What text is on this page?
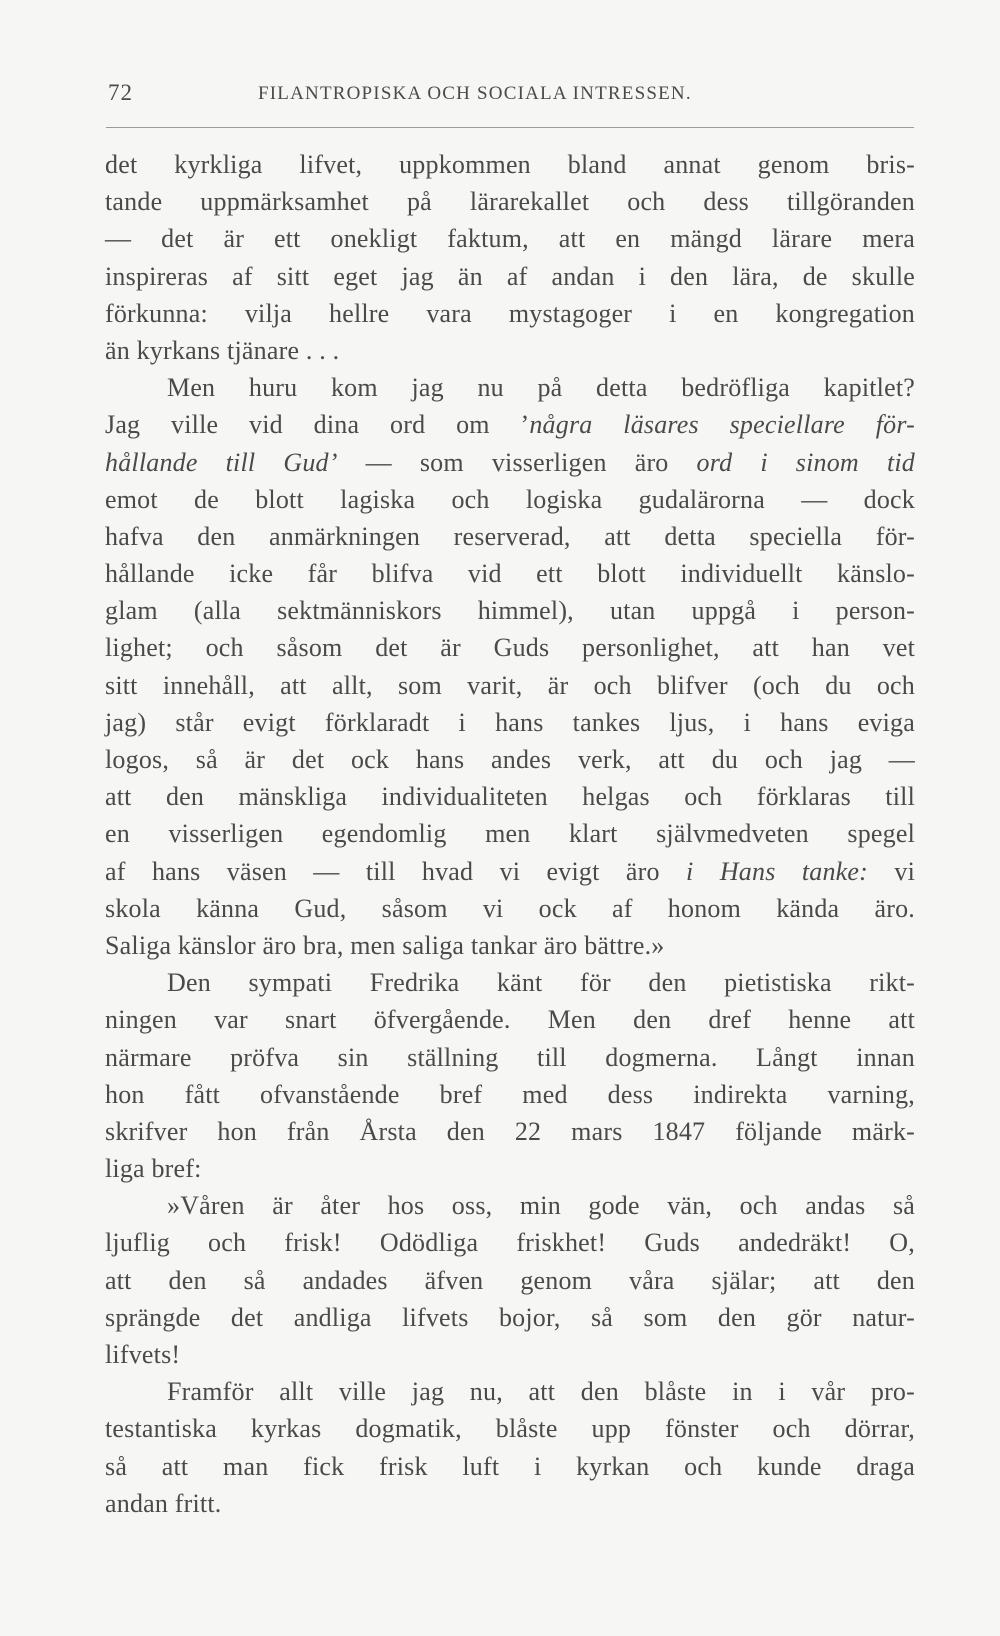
72	FILANTROPISKA OCH SOCIALA INTRESSEN.
det kyrkliga lifvet, uppkommen bland annat genom bris-
tande uppmärksamhet på lärarekallet och dess tillgöranden
— det är ett onekligt faktum, att en mängd lärare mera
inspireras af sitt eget jag än af andan i den lära, de skulle
förkunna: vilja hellre vara mystagoger i en kongregation
än kyrkans tjänare . . .
Men huru kom jag nu på detta bedröfliga kapitlet?
Jag ville vid dina ord om ’några läsares speciellare för-
hållande till Gud’ — som visserligen äro ord i sinom tid
emot de blott lagiska och logiska gudalärorna — dock
hafva den anmärkningen reserverad, att detta speciella för-
hållande icke får blifva vid ett blott individuellt känslo-
glam (alla sektmänniskors himmel), utan uppgå i person-
lighet; och såsom det är Guds personlighet, att han vet
sitt innehåll, att allt, som varit, är och blifver (och du och
jag) står evigt förklaradt i hans tankes ljus, i hans eviga
logos, så är det ock hans andes verk, att du och jag —
att den mänskliga individualiteten helgas och förklaras till
en visserligen egendomlig men klart självmedveten spegel
af hans väsen — till hvad vi evigt äro i Hans tanke: vi
skola känna Gud, såsom vi ock af honom kända äro.
Saliga känslor äro bra, men saliga tankar äro bättre.»
Den sympati Fredrika känt för den pietistiska rikt-
ningen var snart öfvergående. Men den dref henne att
närmare pröfva sin ställning till dogmerna. Långt innan
hon fått ofvanstående bref med dess indirekta varning,
skrifver hon från Årsta den 22 mars 1847 följande märk-
liga bref:
»Våren är åter hos oss, min gode vän, och andas så
ljuflig och frisk! Odödliga friskhet! Guds andedräkt! O,
att den så andades äfven genom våra själar; att den
sprängde det andliga lifvets bojor, så som den gör natur-
lifvets!
Framför allt ville jag nu, att den blåste in i vår pro-
testantiska kyrkas dogmatik, blåste upp fönster och dörrar,
så att man fick frisk luft i kyrkan och kunde draga
andan fritt.
